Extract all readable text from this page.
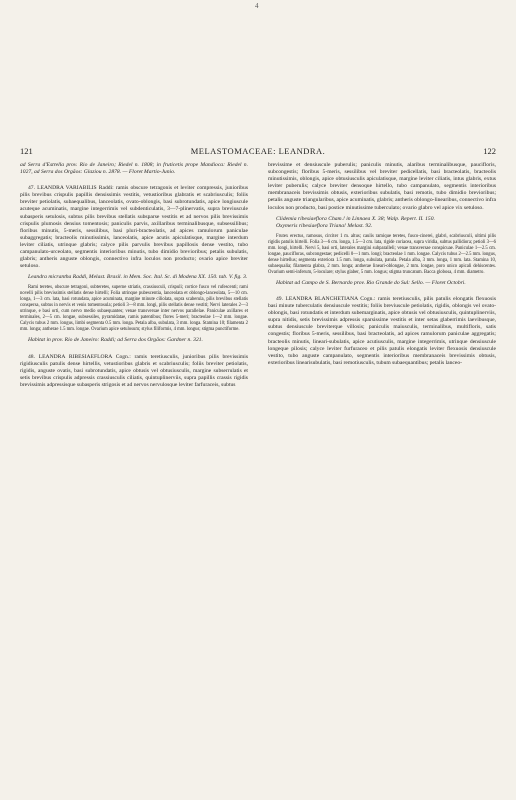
4
121	MELASTOMACEAE: LEANDRA.	122

ad Serra d'Estrella prov. Rio de Janeiro; Riedel n. 1808; in fruticetis prope Mandioca: Riedel n. 1027, ad Serra dos Orgãos: Glaziou n. 2878. — Floret Martio-Junio.

47. LEANDRA VARIABILIS Raddi: ramis obscure tetragonis et leviter compressis, junioribus pilis brevibus crispulis papillis densissimis vestitis, vetustioribus glabratis et scabriusculis; foliis breviter petiolatis, subaequalibus, lanceolatis, ovato-oblongis, basi subrotundatis, apice longiuscule acuteque acuminatis, margine integerrimis vel subdenticulatis, 3—7-plinervatis, supra breviuscule subasperis setulosis, subtus pilis brevibus stellatis subsparse vestitis et ad nervos pilis brevissimis crispulis plumosis densius tomentosis; paniculis parvis, axillaribus terminalibusque, subsessilibus; floribus minutis, 5-meris, sessilibus, basi pluri-bracteolatis, ad apices ramulorum paniculae subaggregatis; bracteolis minutissimis, lanceolatis, apice acutis apiculatisque, margine interdum leviter ciliatis, utrinque glabris; calyce pilis parvulis brevibus papillosis dense vestito, tubo campanulato-urceolato, segmentis interioribus minutis, tubo dimidio brevioribus; petalis subulatis, glabris; antheris anguste oblongis, connectivo infra loculos non producto; ovario apice breviter setuloso.

Leandra micrantha Raddi, Melast. Brasil. in Mem. Soc. Ital. Sc. di Modena XX. 150. tab. V. fig. 3.

Rami teretes, obscure tetragoni, subteretes, superne striatis, crassiusculi, crispuli; cortice fusco vel rufescenti; rami novelli pilis brevissimis stellatis dense hirtelli; Folia utrinque pubescentia, lanceolata et oblongo-lanceolata, 5—10 cm. longa, 1—3 cm. lata, basi rotundata, apice acuminata, margine minute ciliolata, supra scaberula, pilis brevibus stellatis conspersa, subtus in nervis et venis tomentosula; petioli 3—8 mm. longi, pilis stellatis dense vestiti; Nervi laterales 2—3 utrinque, e basi orti, cum nervo medio subaequantes; venae transversae inter nervos parallelae. Paniculae axillares et terminales, 2—5 cm. longae, subsessiles, pyramidatae, ramis patentibus; flores 5-meri; bracteolae 1—2 mm. longae. Calycis tubus 2 mm. longus, limbi segmenta 0.5 mm. longa. Petala alba, subulata, 3 mm. longa. Stamina 10; filamenta 2 mm. longa; antherae 1.5 mm. longae. Ovarium apice setulosum; stylus filiformis, 4 mm. longus; stigma punctiforme.

Habitat in prov. Rio de Janeiro: Raddi; ad Serra dos Orgãos: Gardner n. 321.

48. LEANDRA RIBESIAEFLORA Cogn.: ramis teretiusculis, junioribus pilis brevissimis rigidiusculis patulis dense hirtellis, vetustioribus glabris et scabriusculis; foliis breviter petiolatis, rigidis, anguste ovatis, basi subrotundatis, apice obtusis vel obtusiusculis, margine subserrulatis et setis brevibus crispulis adpressis crassiusculis ciliatis, quintuplinerviis, supra papillis crassis rigidis brevissimis adpressisque subasperis strigosis et ad nervos nervulosque leviter farfuraceis, subtus

brevissime et densiuscule puberulis; paniculis minutis, alaribus terminalibusque, paucifloris, subcongestis; floribus 5-meris, sessilibus vel breviter pedicellatis, basi bracteolatis, bracteolis minutissimis, oblongis, apice obtusiusculis apiculatisque, margine leviter ciliatis, intus glabris, extus leviter puberulis; calyce breviter densoque hirtello, tubo campanulato, segmentis interioribus membranaceis brevissimis obtusis, exterioribus subulatis, basi remotis, tubo dimidio brevioribus; petalis anguste triangularibus, apice acuminatis, glabris; antheris oblongo-linearibus, connectivo infra loculos non producto, basi postice minutissime tuberculato; ovario glabro vel apice vix setuloso.

Clidemia ribesiaeflora Cham.! in Linnaea X. 38; Walp. Repert. II. 150.

Oxymeris ribesiaeflora Triana! Melast. 92.

Frutex erectus, ramosus, circiter 1 m. altus; caulis ramique teretes, fusco-cinerei, glabri, scabriusculi, ultimi pilis rigidis patulis hirtelli. Folia 3—6 cm. longa, 1.5—3 cm. lata, rigide coriacea, supra viridia, subtus pallidiora; petioli 3—6 mm. longi, hirtelli. Nervi 5, basi orti, laterales margini subparalleli; venae transversae conspicuae. Paniculae 1—2.5 cm. longae, paucifloras, subcongestae; pedicelli 0—1 mm. longi; bracteolae 1 mm. longae. Calycis tubus 2—2.5 mm. longus, dense hirtellus; segmenta exteriora 1.5 mm. longa, subulata, patula. Petala alba, 3 mm. longa, 1 mm. lata. Stamina 10, subaequalia; filamenta glabra, 2 mm. longa; antherae lineari-oblongae, 2 mm. longae, poro unico apicali dehiscentes. Ovarium semi-inferum, 5-loculare; stylus glaber, 5 mm. longus; stigma truncatum. Bacca globosa, 4 mm. diametro.

Habitat ad Campo de S. Bernardo prov. Rio Grande do Sul: Sello. — Floret Octobri.

49. LEANDRA BLANCHETIANA Cogn.: ramis teretiusculis, pilis patulis elongatis flexuosis basi minute tuberculatis densiuscule vestitis; foliis breviuscule petiolatis, rigidis, oblongis vel ovato-oblongis, basi rotundatis et interdum subemarginatis, apice obtusis vel obtusiusculis, quintuplinerviis, supra nitidis, setis brevissimis adpressis sparsissime vestitis et inter setas glaberrimis laevibusque, subtus densiuscule breviterque villosis; paniculis maiusculis, terminalibus, multifloris, satis congestis; floribus 5-meris, sessilibus, basi bracteolatis, ad apices ramulorum paniculae aggregatis; bracteolis minutis, lineari-subulatis, apice acutiusculis, margine integerrimis, utrinque densiuscule longeque pilosis; calyce leviter furfuraceo et pilis patulis elongatis leviter flexuosis densiuscule vestito, tubo anguste campanulato, segmentis interioribus membranaceis brevissimis obtusis, exterioribus linearisubulatis, basi remotiusculis, tubum subaequantibus; petalis lanceo-
